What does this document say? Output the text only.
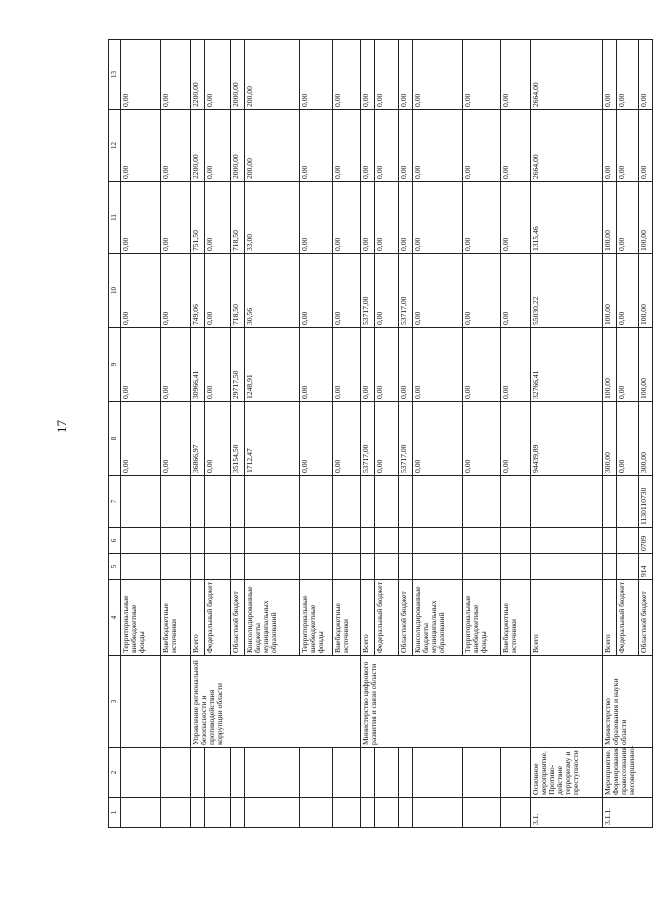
17
1	2	3	4	5	6	7	8	9	10	11	12	13
			Территориальные внебюджетные фонды				0,00	0,00	0,00	0,00	0,00	0,00
			Внебюджетные источники				0,00	0,00	0,00	0,00	0,00	0,00
		Управление региональной безопасности и противодействия коррупции области	Всего				36866,97	30966,41	749,06	751,50	2200,00	2200,00
			Федеральный бюджет				0,00	0,00	0,00	0,00	0,00	0,00
			Областной бюджет				35154,50	29717,50	718,50	718,50	2000,00	2000,00
			Консолидированные бюджеты муниципальных образований				1712,47	1248,91	30,56	33,00	200,00	200,00
			Территориальные внебюджетные фонды				0,00	0,00	0,00	0,00	0,00	0,00
			Внебюджетные источники				0,00	0,00	0,00	0,00	0,00	0,00
		Министерство цифрового развития и связи области	Всего				53717,00	0,00	53717,00	0,00	0,00	0,00
			Федеральный бюджет				0,00	0,00	0,00	0,00	0,00	0,00
			Областной бюджет				53717,00	0,00	53717,00	0,00	0,00	0,00
			Консолидированные бюджеты муниципальных образований				0,00	0,00	0,00	0,00	0,00	0,00
			Территориальные внебюджетные фонды				0,00	0,00	0,00	0,00	0,00	0,00
			Внебюджетные источники				0,00	0,00	0,00	0,00	0,00	0,00
3.1.	Основное мероприятие. Противо- действие терроризму и преступности		Всего				94439,89	32766,41	55030,22	1315,46	2664,00	2664,00
3.1.1.	Мероприятие. Формирование правосознания несовершенно-	Министерство образования и науки области	Всего				300,00	100,00	100,00	100,00	0,00	0,00
			Федеральный бюджет				0,00	0,00	0,00	0,00	0,00	0,00
			Областной бюджет	914	0709	1130110730	300,00	100,00	100,00	100,00	0,00	0,00
